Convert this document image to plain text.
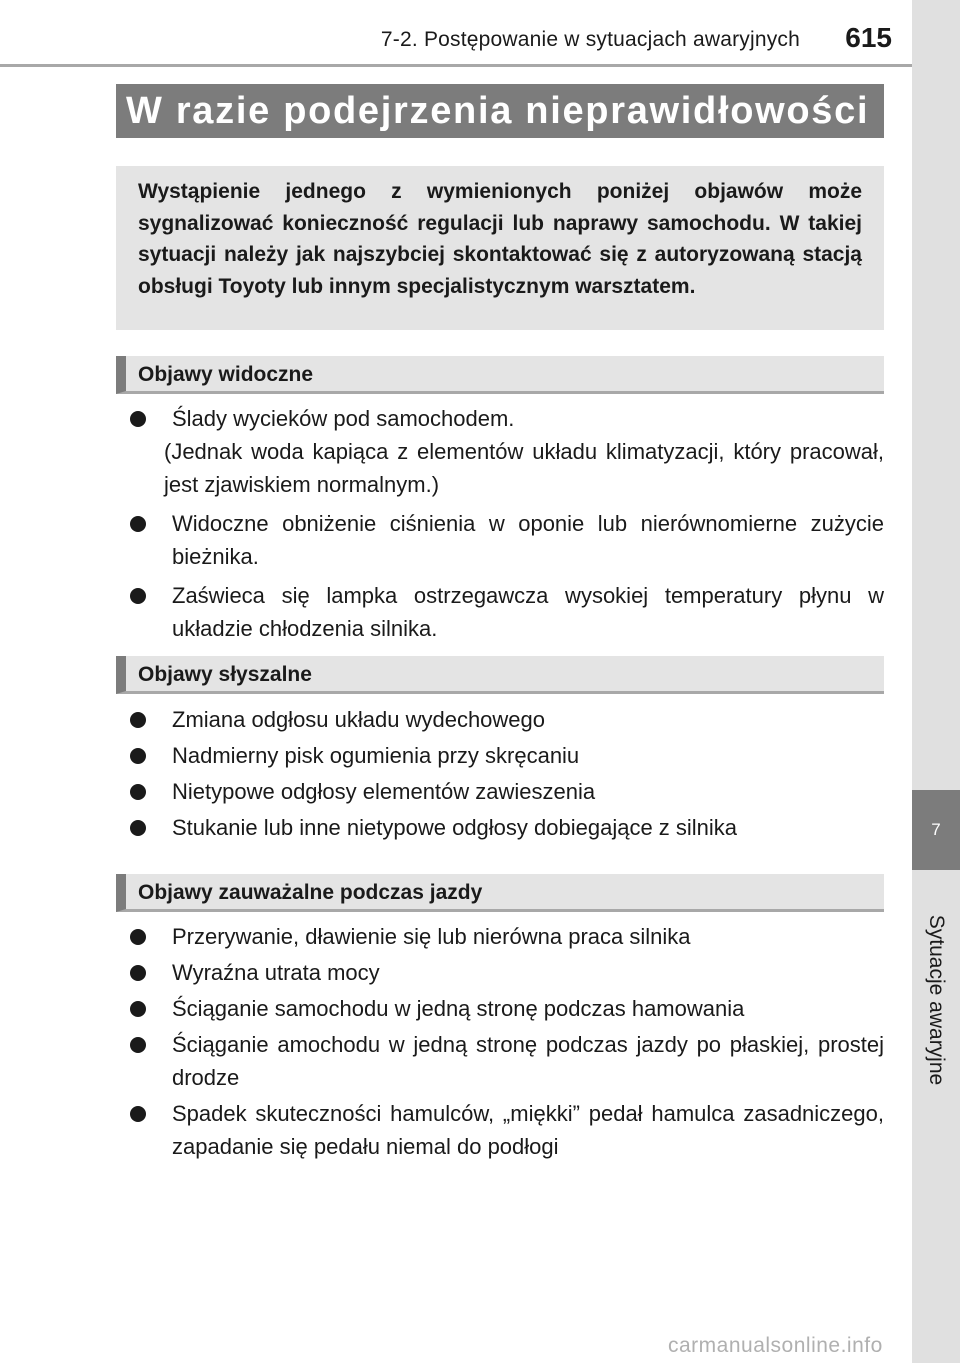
7-2. Postępowanie w sytuacjach awaryjnych	615
7
Sytuacje awaryjne
W razie podejrzenia nieprawidłowości

Wystąpienie jednego z wymienionych poniżej objawów może sygnalizować konieczność regulacji lub naprawy samochodu. W takiej sytuacji należy jak najszybciej skontaktować się z autoryzowaną stacją obsługi Toyoty lub innym specjalistycznym warsztatem.

Objawy widoczne
Ślady wycieków pod samochodem.
(Jednak woda kapiąca z elementów układu klimatyzacji, który pracował, jest zjawiskiem normalnym.)
Widoczne obniżenie ciśnienia w oponie lub nierównomierne zużycie bieżnika.
Zaświeca się lampka ostrzegawcza wysokiej temperatury płynu w układzie chłodzenia silnika.
Objawy słyszalne
Zmiana odgłosu układu wydechowego
Nadmierny pisk ogumienia przy skręcaniu
Nietypowe odgłosy elementów zawieszenia
Stukanie lub inne nietypowe odgłosy dobiegające z silnika
Objawy zauważalne podczas jazdy
Przerywanie, dławienie się lub nierówna praca silnika
Wyraźna utrata mocy
Ściąganie samochodu w jedną stronę podczas hamowania
Ściąganie amochodu w jedną stronę podczas jazdy po płaskiej, prostej drodze
Spadek skuteczności hamulców, „miękki” pedał hamulca zasadniczego, zapadanie się pedału niemal do podłogi
carmanualsonline.info
